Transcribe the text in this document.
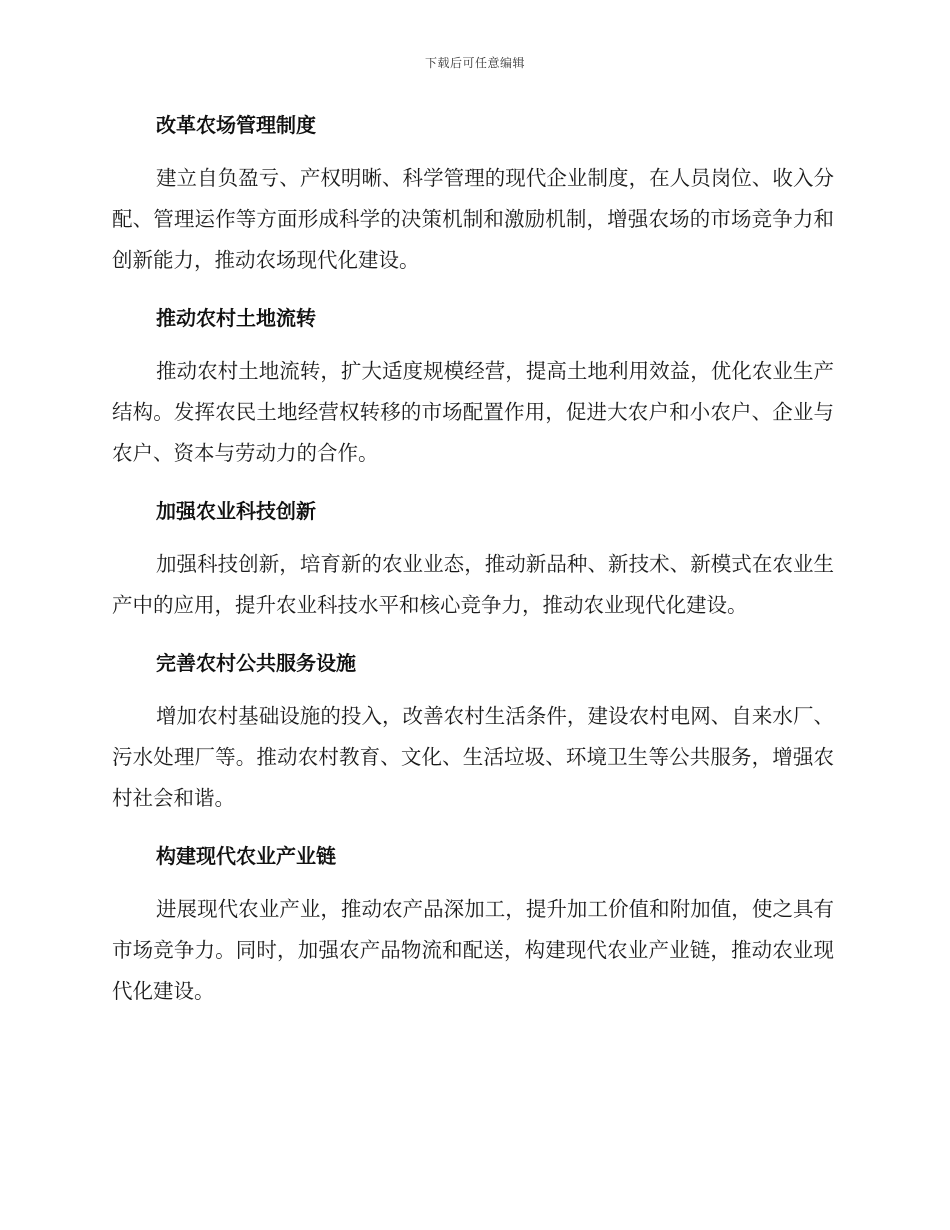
下载后可任意编辑
改革农场管理制度

建立自负盈亏、产权明晰、科学管理的现代企业制度，在人员岗位、收入分配、管理运作等方面形成科学的决策机制和激励机制，增强农场的市场竞争力和创新能力，推动农场现代化建设。

推动农村土地流转

推动农村土地流转，扩大适度规模经营，提高土地利用效益，优化农业生产结构。发挥农民土地经营权转移的市场配置作用，促进大农户和小农户、企业与农户、资本与劳动力的合作。

加强农业科技创新

加强科技创新，培育新的农业业态，推动新品种、新技术、新模式在农业生产中的应用，提升农业科技水平和核心竞争力，推动农业现代化建设。

完善农村公共服务设施

增加农村基础设施的投入，改善农村生活条件，建设农村电网、自来水厂、污水处理厂等。推动农村教育、文化、生活垃圾、环境卫生等公共服务，增强农村社会和谐。

构建现代农业产业链

进展现代农业产业，推动农产品深加工，提升加工价值和附加值，使之具有市场竞争力。同时，加强农产品物流和配送，构建现代农业产业链，推动农业现代化建设。
